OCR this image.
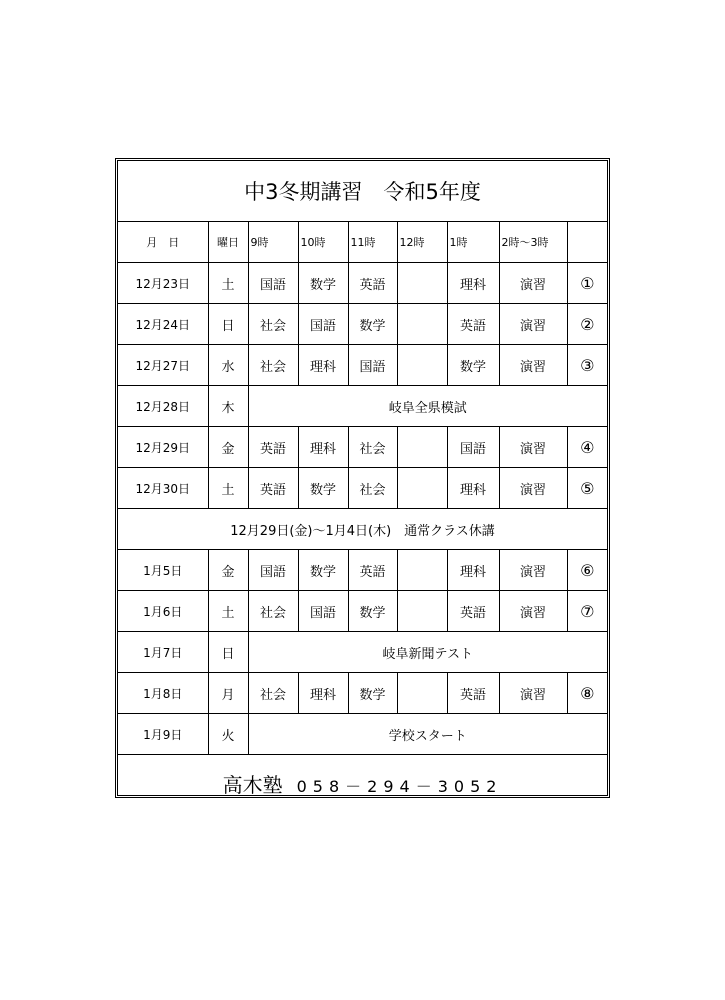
中3冬期講習　令和5年度								
月　日	曜日	9時	10時	11時	12時	1時	2時～3時	
12月23日	土	国語	数学	英語		理科	演習	①
12月24日	日	社会	国語	数学		英語	演習	②
12月27日	水	社会	理科	国語		数学	演習	③
12月28日	木	岐阜全県模試						
12月29日	金	英語	理科	社会		国語	演習	④
12月30日	土	英語	数学	社会		理科	演習	⑤
12月29日(金)～1月4日(木)　通常クラス休講								
1月5日	金	国語	数学	英語		理科	演習	⑥
1月6日	土	社会	国語	数学		英語	演習	⑦
1月7日	日	岐阜新聞テスト						
1月8日	月	社会	理科	数学		英語	演習	⑧
1月9日	火	学校スタート						
高木塾 058－294－3052								
